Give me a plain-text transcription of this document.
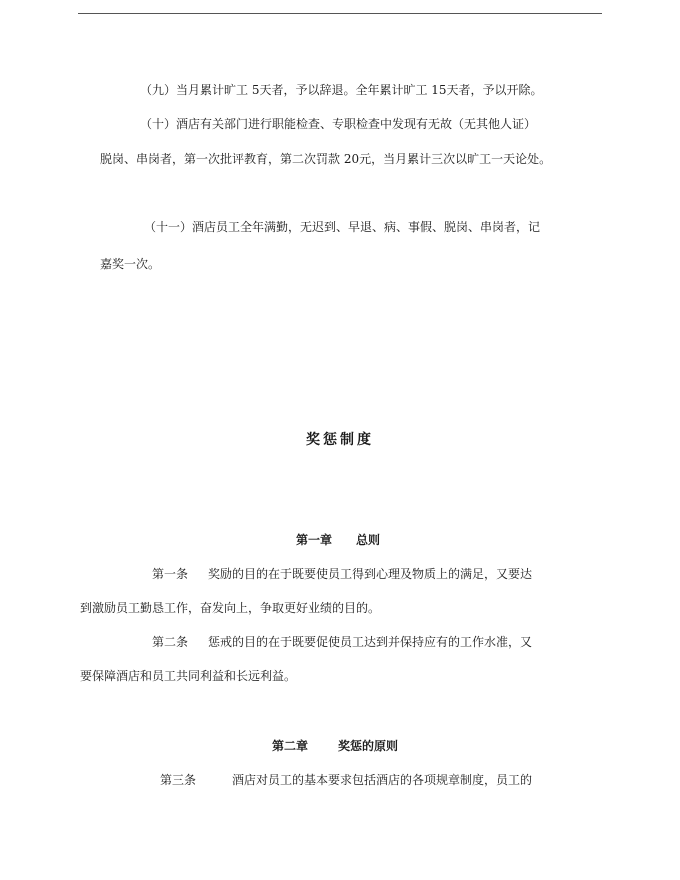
（九）当月累计旷工 5天者，予以辞退。全年累计旷工 15天者，予以开除。
（十）酒店有关部门进行职能检查、专职检查中发现有无故（无其他人证）
脱岗、串岗者，第一次批评教育，第二次罚款 20元，当月累计三次以旷工一天论处。
（十一）酒店员工全年满勤，无迟到、早退、病、事假、脱岗、串岗者，记
嘉奖一次。
奖惩制度
第一章 总则
第一条 奖励的目的在于既要使员工得到心理及物质上的满足，又要达
到激励员工勤恳工作，奋发向上，争取更好业绩的目的。
第二条 惩戒的目的在于既要促使员工达到并保持应有的工作水准，又
要保障酒店和员工共同利益和长远利益。
第二章	奖惩的原则
第三条	酒店对员工的基本要求包括酒店的各项规章制度，员工的
